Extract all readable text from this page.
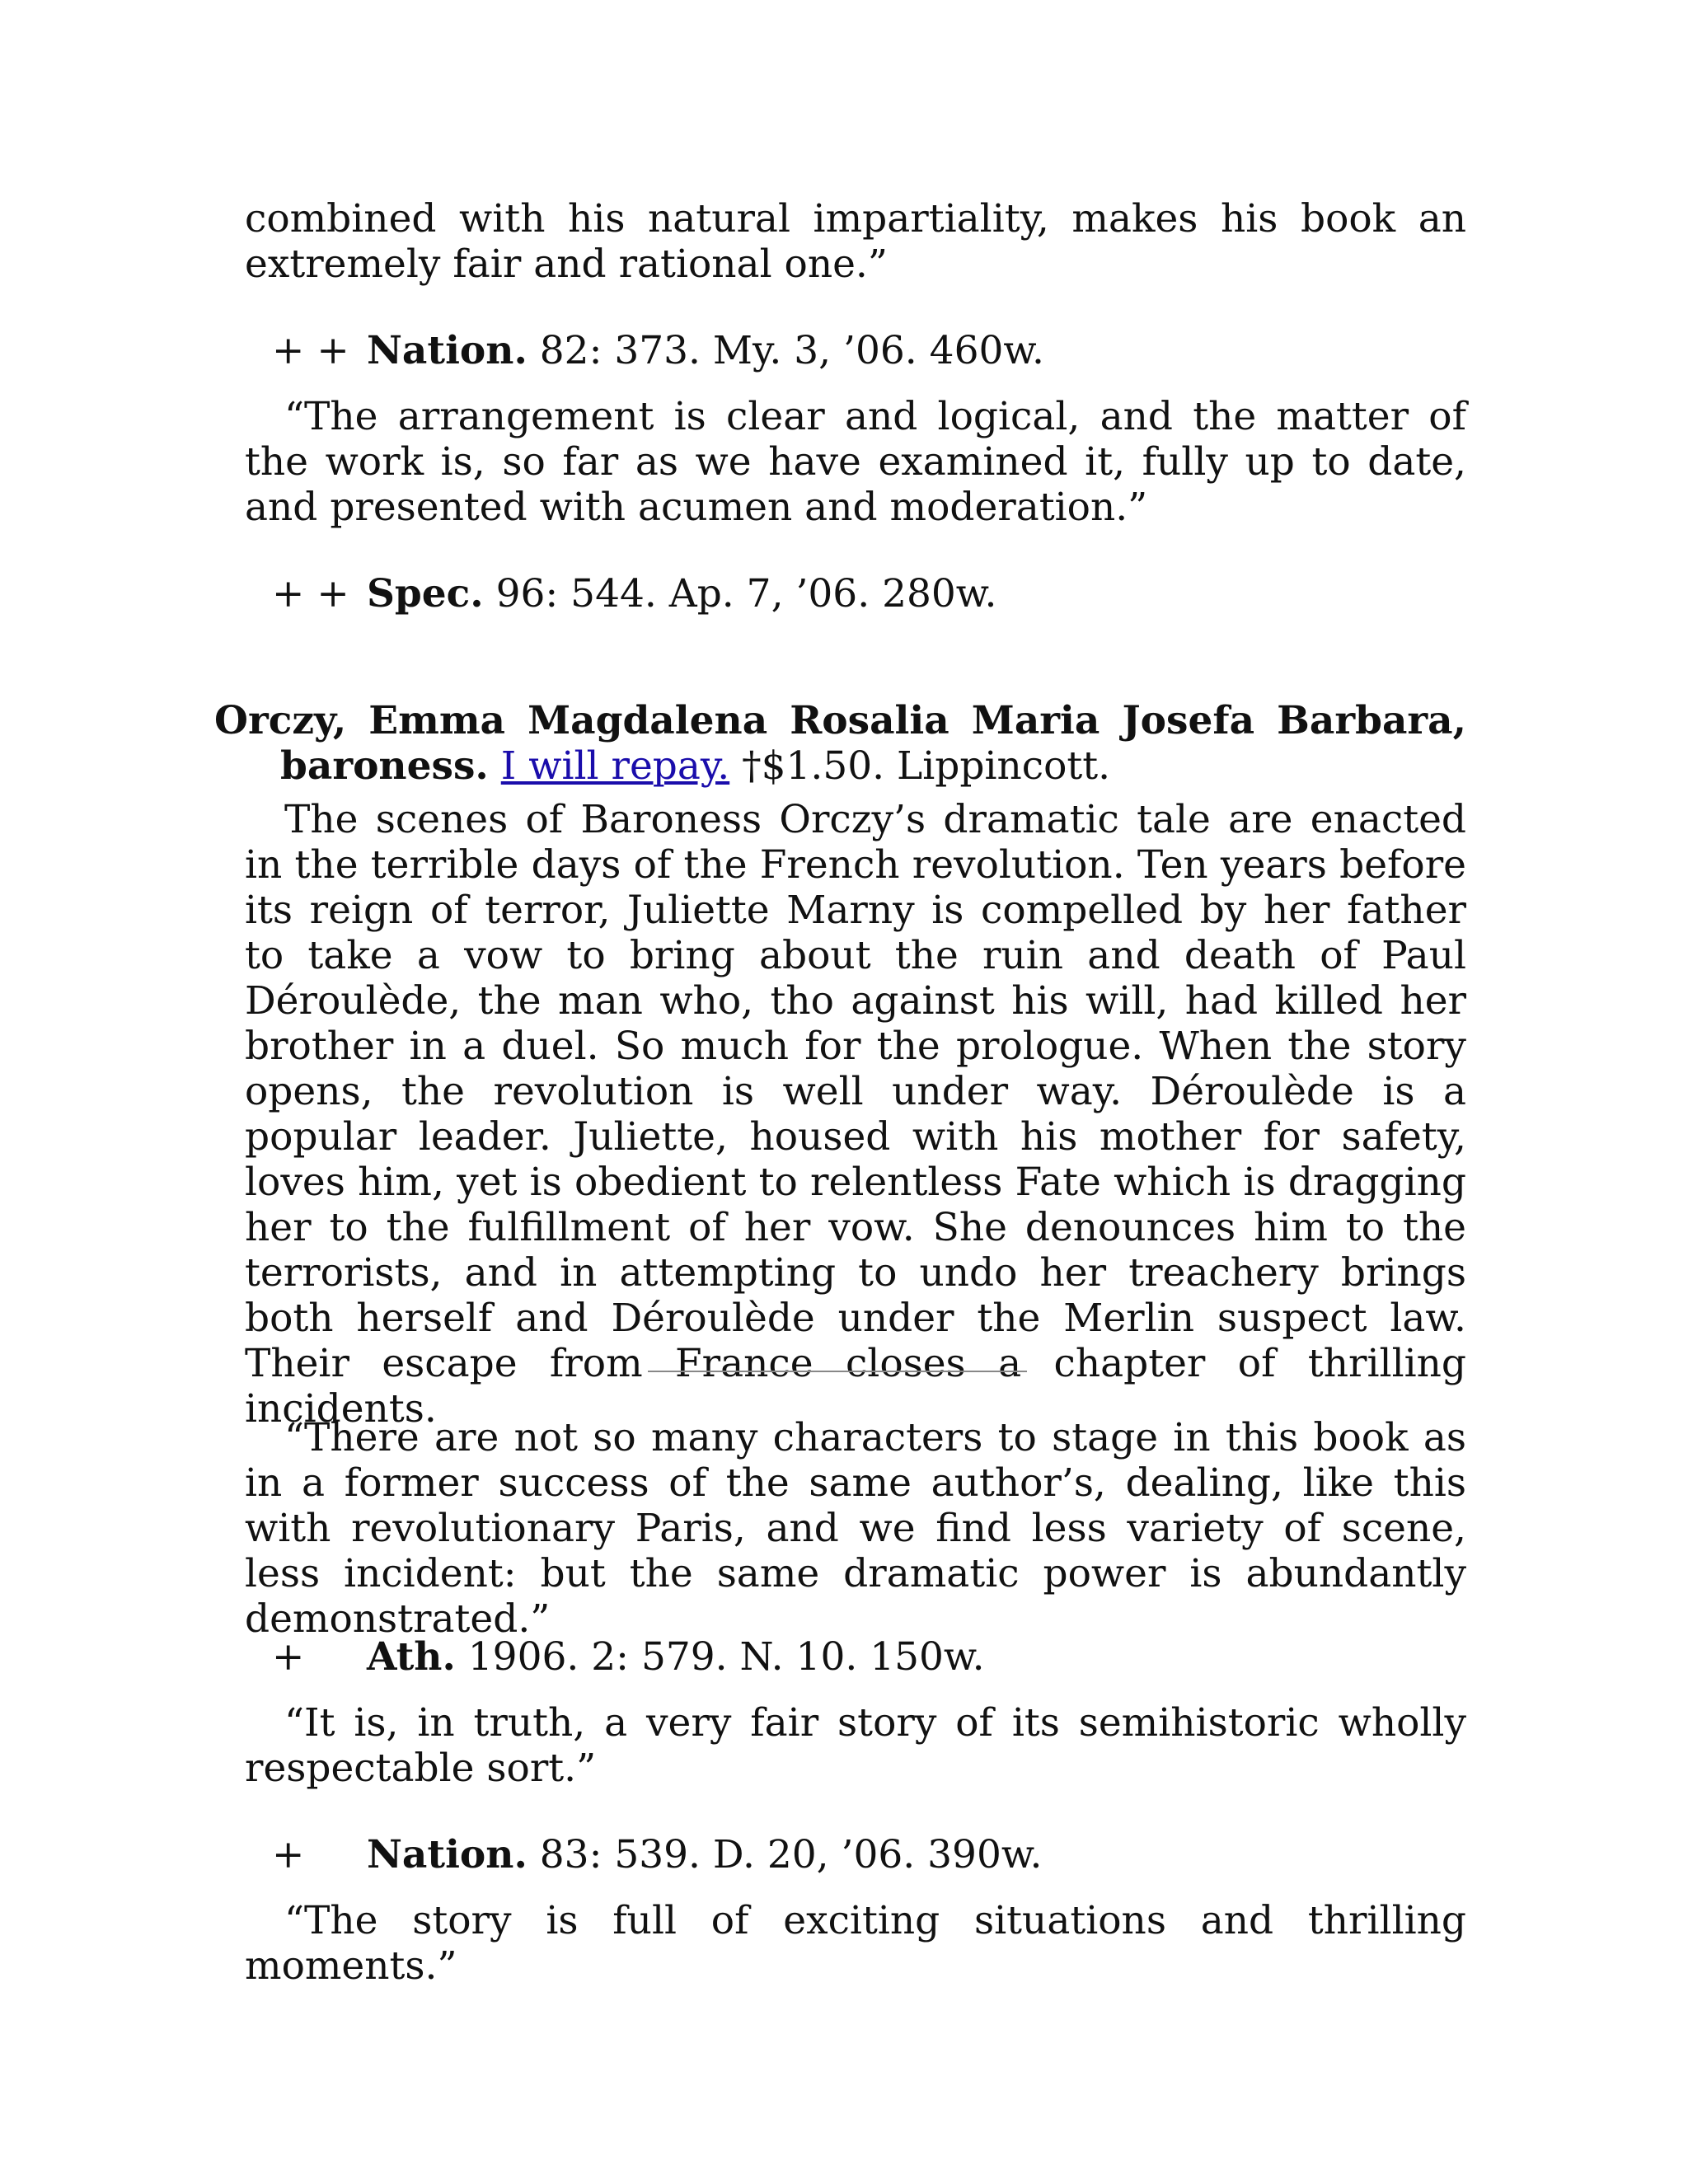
combined with his natural impartiality, makes his book an extremely fair and rational one.”

+ + Nation. 82: 373. My. 3, ’06. 460w.

“The arrangement is clear and logical, and the matter of the work is, so far as we have examined it, fully up to date, and presented with acumen and moderation.”

+ + Spec. 96: 544. Ap. 7, ’06. 280w.

Orczy, Emma Magdalena Rosalia Maria Josefa Barbara,
baroness. I will repay. †$1.50. Lippincott.

The scenes of Baroness Orczy’s dramatic tale are enacted in the terrible days of the French revolution. Ten years before its reign of terror, Juliette Marny is compelled by her father to take a vow to bring about the ruin and death of Paul Déroulède, the man who, tho against his will, had killed her brother in a duel. So much for the prologue. When the story opens, the revolution is well under way. Déroulède is a popular leader. Juliette, housed with his mother for safety, loves him, yet is obedient to relentless Fate which is dragging her to the fulfillment of her vow. She denounces him to the terrorists, and in attempting to undo her treachery brings both herself and Déroulède under the Merlin suspect law. Their escape from France closes a chapter of thrilling incidents.

“There are not so many characters to stage in this book as in a former success of the same author’s, dealing, like this with revolutionary Paris, and we find less variety of scene, less incident: but the same dramatic power is abundantly demonstrated.”

+ Ath. 1906. 2: 579. N. 10. 150w.

“It is, in truth, a very fair story of its semihistoric wholly respectable sort.”

+ Nation. 83: 539. D. 20, ’06. 390w.

“The story is full of exciting situations and thrilling moments.”
